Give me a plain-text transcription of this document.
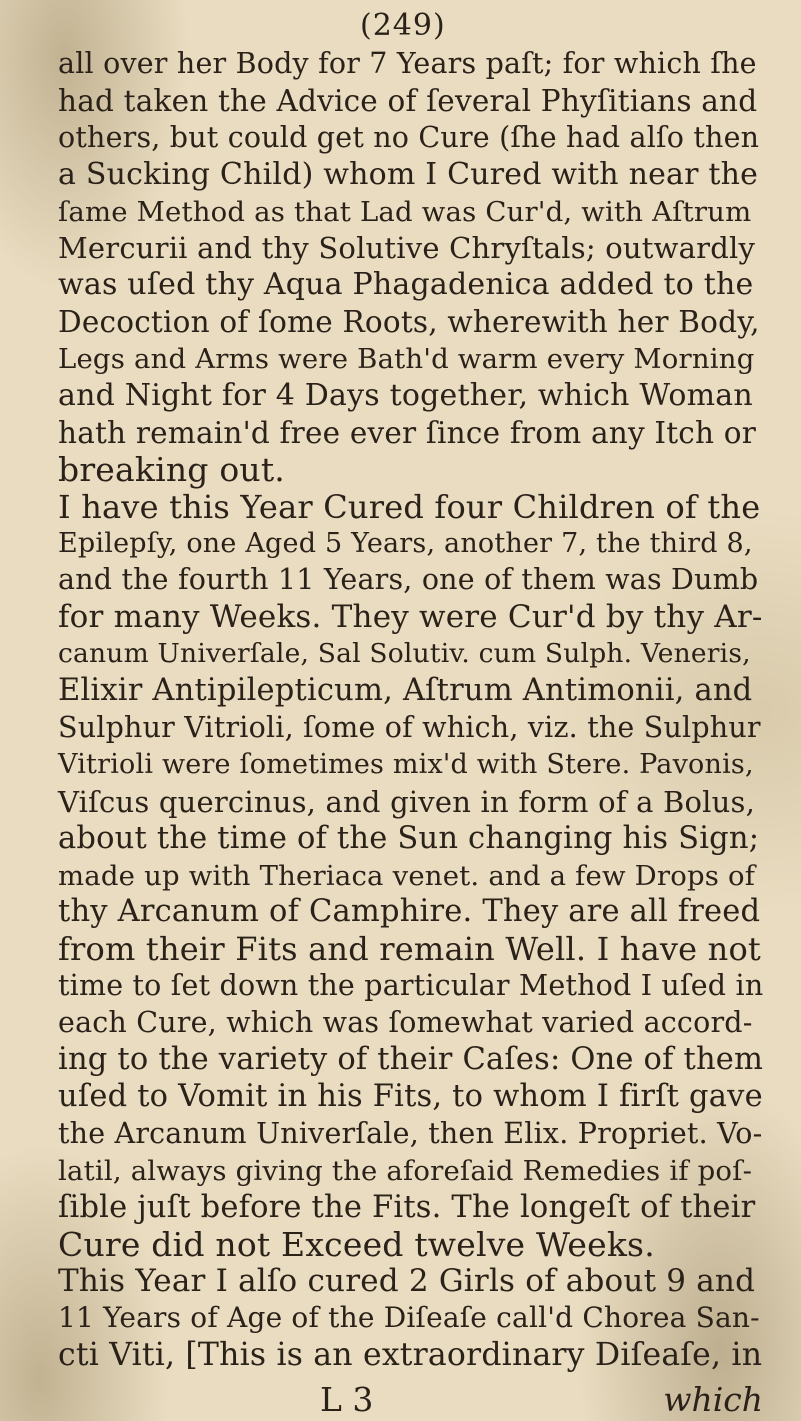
(249)
all over her Body for 7 Years paſt; for which ſhe
had taken the Advice of ſeveral Phyſitians and
others, but could get no Cure (ſhe had alſo then
a Sucking Child) whom I Cured with near the
ſame Method as that Lad was Cur'd, with Aſtrum
Mercurii and thy Solutive Chryſtals; outwardly
was uſed thy Aqua Phagadenica added to the
Decoction of ſome Roots, wherewith her Body,
Legs and Arms were Bath'd warm every Morning
and Night for 4 Days together, which Woman
hath remain'd free ever ſince from any Itch or
breaking out.
I have this Year Cured four Children of the
Epilepſy, one Aged 5 Years, another 7, the third 8,
and the fourth 11 Years, one of them was Dumb
for many Weeks. They were Cur'd by thy Ar-
canum Univerſale, Sal Solutiv. cum Sulph. Veneris,
Elixir Antipilepticum, Aſtrum Antimonii, and
Sulphur Vitrioli, ſome of which, viz. the Sulphur
Vitrioli were ſometimes mix'd with Stere. Pavonis,
Viſcus quercinus, and given in form of a Bolus,
about the time of the Sun changing his Sign;
made up with Theriaca venet. and a few Drops of
thy Arcanum of Camphire. They are all freed
from their Fits and remain Well. I have not
time to ſet down the particular Method I uſed in
each Cure, which was ſomewhat varied accord-
ing to the variety of their Caſes: One of them
uſed to Vomit in his Fits, to whom I firſt gave
the Arcanum Univerſale, then Elix. Propriet. Vo-
latil, always giving the aforeſaid Remedies if poſ-
ſible juſt before the Fits. The longeſt of their
Cure did not Exceed twelve Weeks.
This Year I alſo cured 2 Girls of about 9 and
11 Years of Age of the Diſeaſe call'd Chorea San-
cti Viti, [This is an extraordinary Diſeaſe, in
L 3	which
